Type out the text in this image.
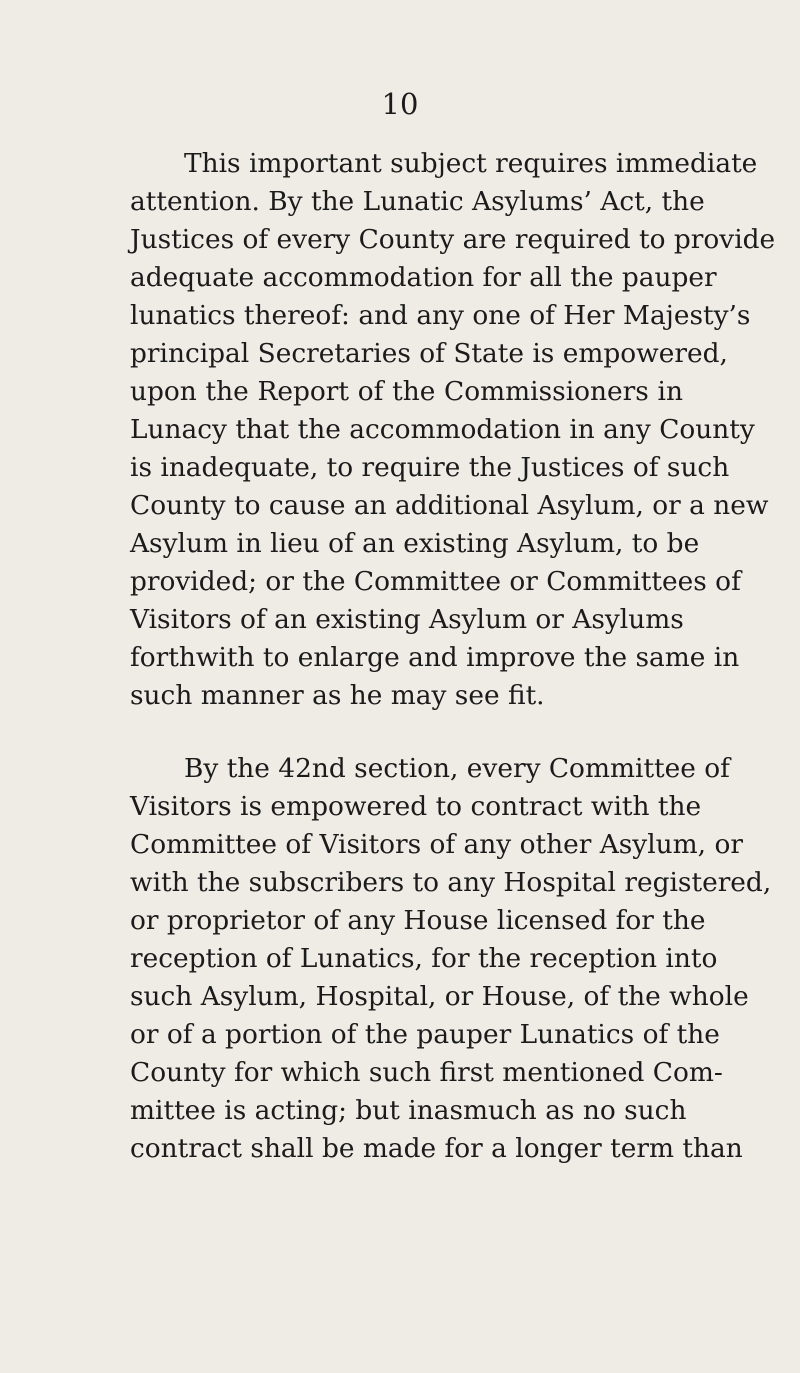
10
This important subject requires immediate
attention. By the Lunatic Asylums’ Act, the
Justices of every County are required to provide
adequate accommodation for all the pauper
lunatics thereof: and any one of Her Majesty’s
principal Secretaries of State is empowered,
upon the Report of the Commissioners in
Lunacy that the accommodation in any County
is inadequate, to require the Justices of such
County to cause an additional Asylum, or a new
Asylum in lieu of an existing Asylum, to be
provided; or the Committee or Committees of
Visitors of an existing Asylum or Asylums
forthwith to enlarge and improve the same in
such manner as he may see fit.
By the 42nd section, every Committee of
Visitors is empowered to contract with the
Committee of Visitors of any other Asylum, or
with the subscribers to any Hospital registered,
or proprietor of any House licensed for the
reception of Lunatics, for the reception into
such Asylum, Hospital, or House, of the whole
or of a portion of the pauper Lunatics of the
County for which such first mentioned Com-
mittee is acting; but inasmuch as no such
contract shall be made for a longer term than
